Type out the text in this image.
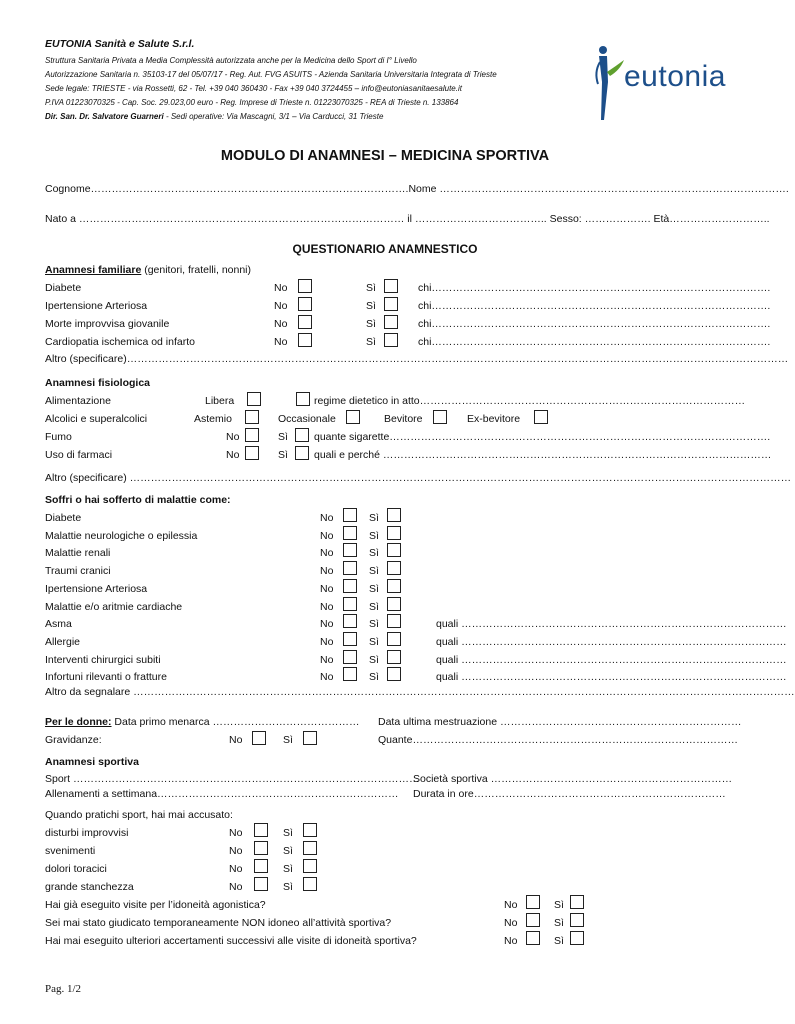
EUTONIA Sanità e Salute S.r.l.
Struttura Sanitaria Privata a Media Complessità autorizzata anche per la Medicina dello Sport di I° Livello
Autorizzazione Sanitaria n. 35103-17 del 05/07/17 - Reg. Aut. FVG ASUITS - Azienda Sanitaria Universitaria Integrata di Trieste
Sede legale: TRIESTE - via Rossetti, 62 - Tel. +39 040 360430 - Fax +39 040 3724455 – info@eutoniasanitaesalute.it
P.IVA 01223070325 - Cap. Soc. 29.023,00 euro - Reg. Imprese di Trieste n. 01223070325 - REA di Trieste n. 133864
Dir. San. Dr. Salvatore Guarneri - Sedi operative: Via Mascagni, 3/1 – Via Carducci, 31 Trieste
eutonia
MODULO DI ANAMNESI – MEDICINA SPORTIVA
Cognome……………………………………………………………………………….Nome ……………………………………………………………………………………….
Nato a ………………………………………………………………………………… il ……………………………….. Sesso: ………………. Età………………………..
QUESTIONARIO ANAMNESTICO
Anamnesi familiare (genitori, fratelli, nonni)
Diabete	No	Sì	chi…………………………………………………………………………………….
Ipertensione Arteriosa	No	Sì	chi…………………………………………………………………………………….
Morte improvvisa giovanile	No	Sì	chi…………………………………………………………………………………….
Cardiopatia ischemica od infarto	No	Sì	chi…………………………………………………………………………………….
Altro (specificare)………………………………………………………………………………………………………………………………………………………………………
Anamnesi fisiologica
Alimentazione	Libera	regime dietetico in atto…………………………………………………………………………………
Alcolici e superalcolici	Astemio	Occasionale	Bevitore	Ex-bevitore
Fumo	No	Sì quante sigarette……………………………………………………………………………………………….
Uso di farmaci	No	Sì quali e perché …………………………………………………………………………………………………
Altro (specificare) ………………………………………………………………………………………………………………………………………………………………………
Soffri o hai sofferto di malattie come:
Diabete	No	Sì
Malattie neurologiche o epilessia	No	Sì
Malattie renali	No	Sì
Traumi cranici	No	Sì
Ipertensione Arteriosa	No	Sì
Malattie e/o aritmie cardiache	No	Sì
Asma	No	Sì	quali …………………………………………………………………………………
Allergie	No	Sì	quali …………………………………………………………………………………
Interventi chirurgici subiti	No	Sì	quali …………………………………………………………………………………
Infortuni rilevanti o fratture	No	Sì	quali …………………………………………………………………………………
Altro da segnalare ………………………………………………………………………………………………………………………………………………………………………
Per le donne: Data primo menarca …………………………………… Data ultima mestruazione ……………………………………………………………
Gravidanze:	No	Sì	Quante…………………………………………………………………………………
Anamnesi sportiva
Sport ………………………………………………………………………………………
Società sportiva ……………………………………………………………
Allenamenti a settimana…………………………………………………………… Durata in ore………………………………………………………………
Quando pratichi sport, hai mai accusato:
disturbi improvvisi	No	Sì
svenimenti	No	Sì
dolori toracici	No	Sì
grande stanchezza	No	Sì
Hai già eseguito visite per l’idoneità agonistica?	No	Sì
Sei mai stato giudicato temporaneamente NON idoneo all’attività sportiva?	No	Sì
Hai mai eseguito ulteriori accertamenti successivi alle visite di idoneità sportiva?	No	Sì
Pag. 1/2
